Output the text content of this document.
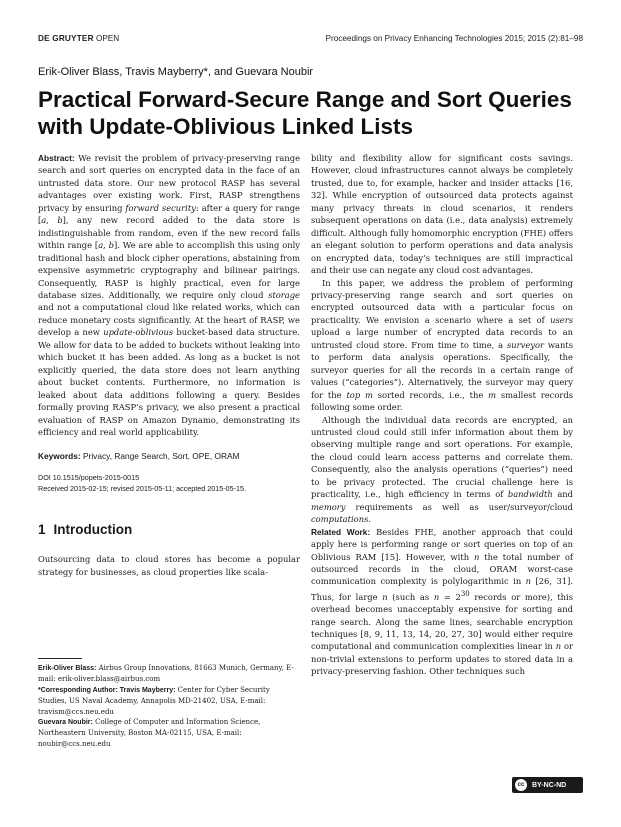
DE GRUYTER OPEN	Proceedings on Privacy Enhancing Technologies 2015; 2015 (2):81–98
Erik-Oliver Blass, Travis Mayberry*, and Guevara Noubir
Practical Forward-Secure Range and Sort Queries with Update-Oblivious Linked Lists

Abstract: We revisit the problem of privacy-preserving range search and sort queries on encrypted data in the face of an untrusted data store. Our new protocol RASP has several advantages over existing work. First, RASP strengthens privacy by ensuring forward security: after a query for range [a, b], any new record added to the data store is indistinguishable from random, even if the new record falls within range [a, b]. We are able to accomplish this using only traditional hash and block cipher operations, abstaining from expensive asymmetric cryptography and bilinear pairings. Consequently, RASP is highly practical, even for large database sizes. Additionally, we require only cloud storage and not a computational cloud like related works, which can reduce monetary costs significantly. At the heart of RASP, we develop a new update-oblivious bucket-based data structure. We allow for data to be added to buckets without leaking into which bucket it has been added. As long as a bucket is not explicitly queried, the data store does not learn anything about bucket contents. Furthermore, no information is leaked about data additions following a query. Besides formally proving RASP’s privacy, we also present a practical evaluation of RASP on Amazon Dynamo, demonstrating its efficiency and real world applicability.

Keywords: Privacy, Range Search, Sort, OPE, ORAM

DOI 10.1515/popets-2015-0015

Received 2015-02-15; revised 2015-05-11; accepted 2015-05-15.

1 Introduction

Outsourcing data to cloud stores has become a popular strategy for businesses, as cloud properties like scala-

Erik-Oliver Blass: Airbus Group Innovations, 81663 Munich, Germany, E-mail: erik-oliver.blass@airbus.com

*Corresponding Author: Travis Mayberry: Center for Cyber Security Studies, US Naval Academy, Annapolis MD-21402, USA, E-mail: travism@ccs.neu.edu

Guevara Noubir: College of Computer and Information Science, Northeastern University, Boston MA-02115, USA, E-mail: noubir@ccs.neu.edu

bility and flexibility allow for significant costs savings. However, cloud infrastructures cannot always be completely trusted, due to, for example, hacker and insider attacks [16, 32]. While encryption of outsourced data protects against many privacy threats in cloud scenarios, it renders subsequent operations on data (i.e., data analysis) extremely difficult. Although fully homomorphic encryption (FHE) offers an elegant solution to perform operations and data analysis on encrypted data, today’s techniques are still impractical and their use can negate any cloud cost advantages.

In this paper, we address the problem of performing privacy-preserving range search and sort queries on encrypted outsourced data with a particular focus on practicality. We envision a scenario where a set of users upload a large number of encrypted data records to an untrusted cloud store. From time to time, a surveyor wants to perform data analysis operations. Specifically, the surveyor queries for all the records in a certain range of values (“categories”). Alternatively, the surveyor may query for the top m sorted records, i.e., the m smallest records following some order.

Although the individual data records are encrypted, an untrusted cloud could still infer information about them by observing multiple range and sort operations. For example, the cloud could learn access patterns and correlate them. Consequently, also the analysis operations (“queries”) need to be privacy protected. The crucial challenge here is practicality, i.e., high efficiency in terms of bandwidth and memory requirements as well as user/surveyor/cloud computations.

Related Work: Besides FHE, another approach that could apply here is performing range or sort queries on top of an Oblivious RAM [15]. However, with n the total number of outsourced records in the cloud, ORAM worst-case communication complexity is polylogarithmic in n [26, 31]. Thus, for large n (such as $n = 2^{30}$ records or more), this overhead becomes unacceptably expensive for sorting and range search. Along the same lines, searchable encryption techniques [8, 9, 11, 13, 14, 20, 27, 30] would either require computational and communication complexities linear in n or non-trivial extensions to perform updates to stored data in a privacy-preserving fashion. Other techniques such

cc	BY-NC-ND
